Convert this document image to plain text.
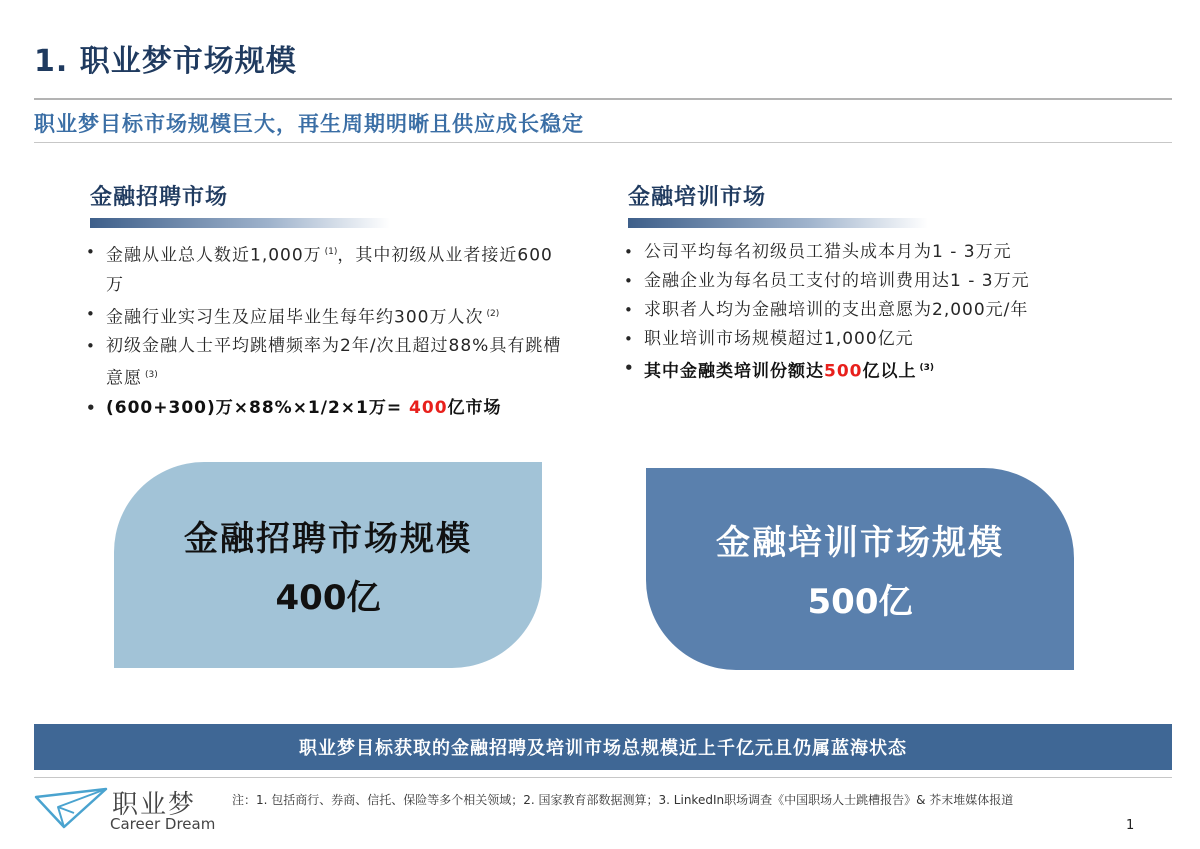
1. 职业梦市场规模
职业梦目标市场规模巨大，再生周期明晰且供应成长稳定
金融招聘市场
• 金融从业总人数近1,000万 $^{(1)}$，其中初级从业者接近600万
• 金融行业实习生及应届毕业生每年约300万人次 $^{(2)}$
• 初级金融人士平均跳槽频率为2年/次且超过88%具有跳槽意愿 $^{(3)}$
• (600+300)万×88%×1/2×1万= 400亿市场
金融培训市场
• 公司平均每名初级员工猎头成本月为1 - 3万元
• 金融企业为每名员工支付的培训费用达1 - 3万元
• 求职者人均为金融培训的支出意愿为2,000元/年
• 职业培训市场规模超过1,000亿元
• 其中金融类培训份额达500亿以上 $^{(3)}$
金融招聘市场规模
400亿
金融培训市场规模
500亿
职业梦目标获取的金融招聘及培训市场总规模近上千亿元且仍属蓝海状态
职业梦
Career Dream
注：1. 包括商行、券商、信托、保险等多个相关领域；2. 国家教育部数据测算；3. LinkedIn职场调查《中国职场人士跳槽报告》& 芥末堆媒体报道
1
